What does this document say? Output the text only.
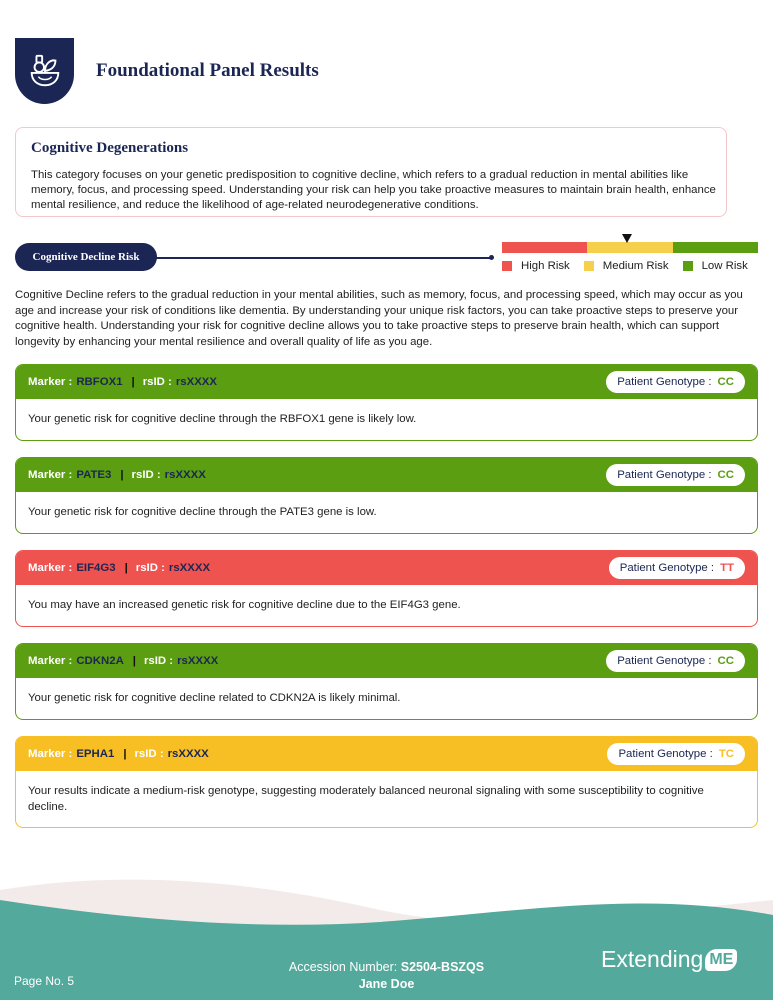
Foundational Panel Results
Cognitive Degenerations

This category focuses on your genetic predisposition to cognitive decline, which refers to a gradual reduction in mental abilities like memory, focus, and processing speed. Understanding your risk can help you take proactive measures to maintain brain health, enhance mental resilience, and reduce the likelihood of age-related neurodegenerative conditions.

Cognitive Decline Risk
High Risk	Medium Risk	Low Risk

Cognitive Decline refers to the gradual reduction in your mental abilities, such as memory, focus, and processing speed, which may occur as you age and increase your risk of conditions like dementia. By understanding your unique risk factors, you can take proactive steps to preserve your cognitive health. Understanding your risk for cognitive decline allows you to take proactive steps to preserve brain health, which can support longevity by enhancing your mental resilience and overall quality of life as you age.

Marker : RBFOX1 | rsID : rsXXXX	Patient Genotype : CC
Your genetic risk for cognitive decline through the RBFOX1 gene is likely low.
Marker : PATE3 | rsID : rsXXXX	Patient Genotype : CC
Your genetic risk for cognitive decline through the PATE3 gene is low.
Marker : EIF4G3 | rsID : rsXXXX	Patient Genotype : TT
You may have an increased genetic risk for cognitive decline due to the EIF4G3 gene.
Marker : CDKN2A | rsID : rsXXXX	Patient Genotype : CC
Your genetic risk for cognitive decline related to CDKN2A is likely minimal.
Marker : EPHA1 | rsID : rsXXXX	Patient Genotype : TC
Your results indicate a medium-risk genotype, suggesting moderately balanced neuronal signaling with some susceptibility to cognitive decline.
Page No. 5
Accession Number: S2504-BSZQS
Jane Doe
Extending ME
